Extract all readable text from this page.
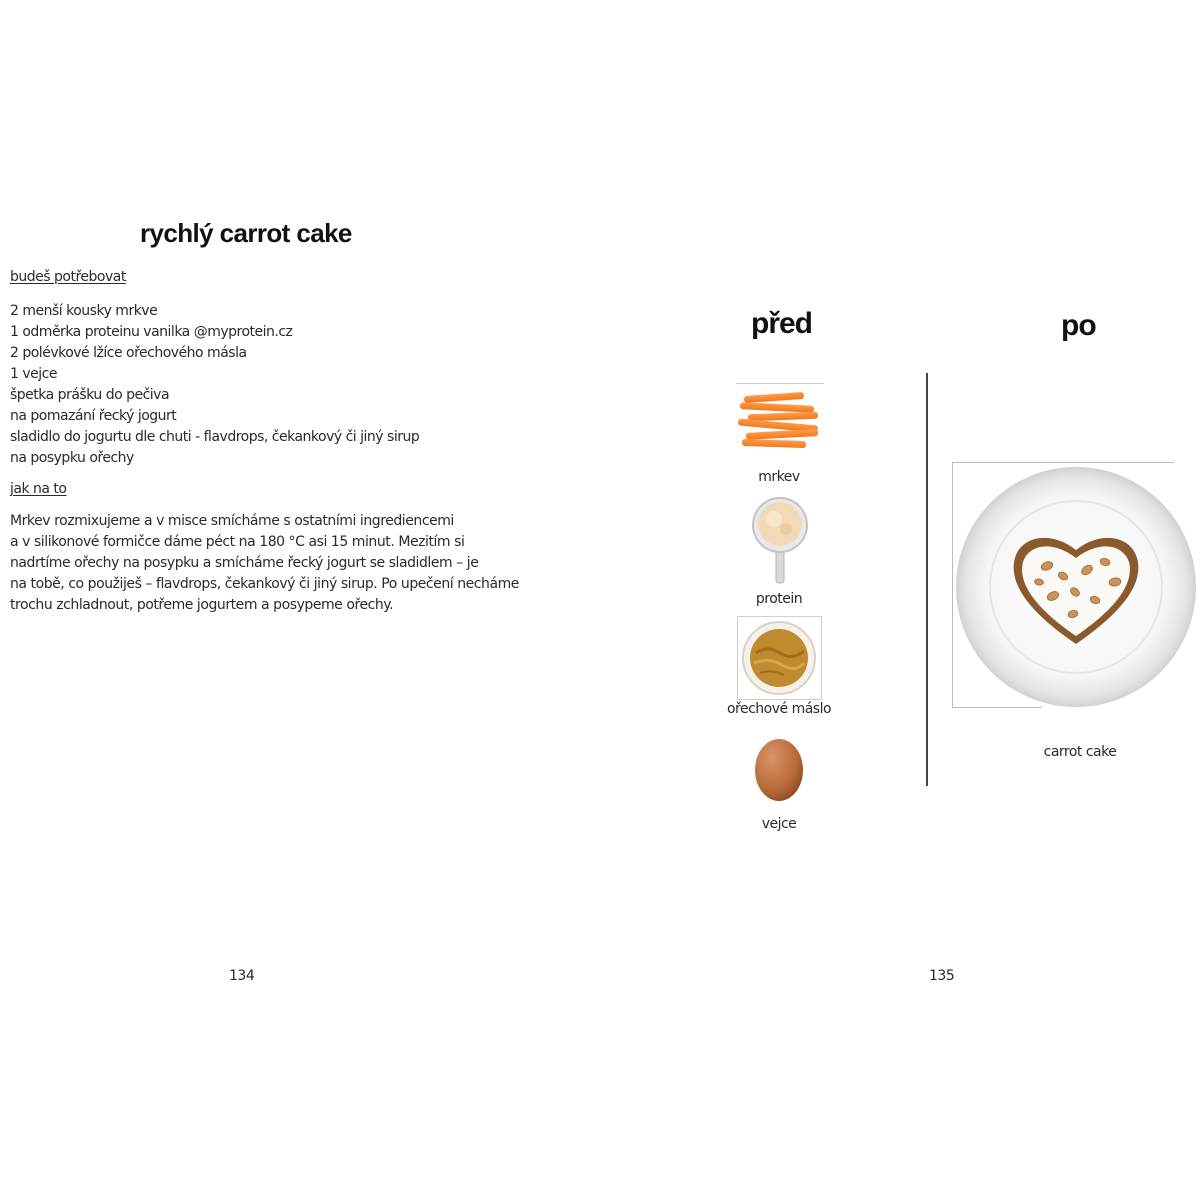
rychlý carrot cake
budeš potřebovat
2 menší kousky mrkve
1 odměrka proteinu vanilka @myprotein.cz
2 polévkové lžíce ořechového másla
1 vejce
špetka prášku do pečiva
na pomazání řecký jogurt
sladidlo do jogurtu dle chuti - flavdrops, čekankový či jiný sirup
na posypku ořechy
jak na to

Mrkev rozmixujeme a v misce smícháme s ostatními ingrediencemi
a v silikonové formičce dáme péct na 180 °C asi 15 minut. Mezitím si
nadrtíme ořechy na posypku a smícháme řecký jogurt se sladidlem – je
na tobě, co použiješ – flavdrops, čekankový či jiný sirup. Po upečení necháme
trochu zchladnout, potřeme jogurtem a posypeme ořechy.

134
před	po
mrkev
protein
ořechové máslo
vejce
carrot cake
135
